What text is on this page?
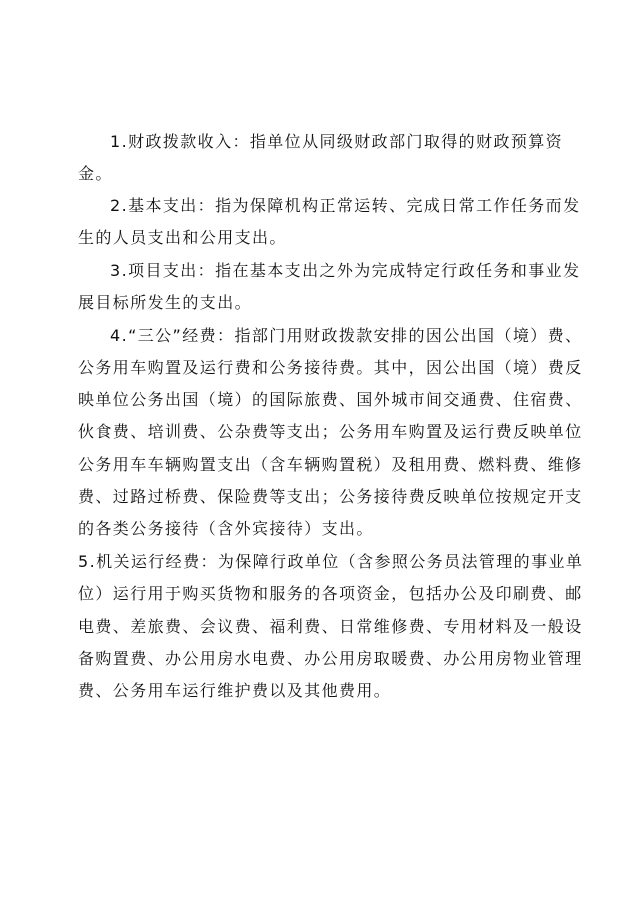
1.财政拨款收入：指单位从同级财政部门取得的财政预算资
金。
2.基本支出：指为保障机构正常运转、完成日常工作任务而发
生的人员支出和公用支出。
3.项目支出：指在基本支出之外为完成特定行政任务和事业发
展目标所发生的支出。
4.“三公”经费：指部门用财政拨款安排的因公出国（境）费、
公务用车购置及运行费和公务接待费。其中，因公出国（境）费反
映单位公务出国（境）的国际旅费、国外城市间交通费、住宿费、
伙食费、培训费、公杂费等支出；公务用车购置及运行费反映单位
公务用车车辆购置支出（含车辆购置税）及租用费、燃料费、维修
费、过路过桥费、保险费等支出；公务接待费反映单位按规定开支
的各类公务接待（含外宾接待）支出。
5.机关运行经费：为保障行政单位（含参照公务员法管理的事业单
位）运行用于购买货物和服务的各项资金，包括办公及印刷费、邮
电费、差旅费、会议费、福利费、日常维修费、专用材料及一般设
备购置费、办公用房水电费、办公用房取暖费、办公用房物业管理
费、公务用车运行维护费以及其他费用。
